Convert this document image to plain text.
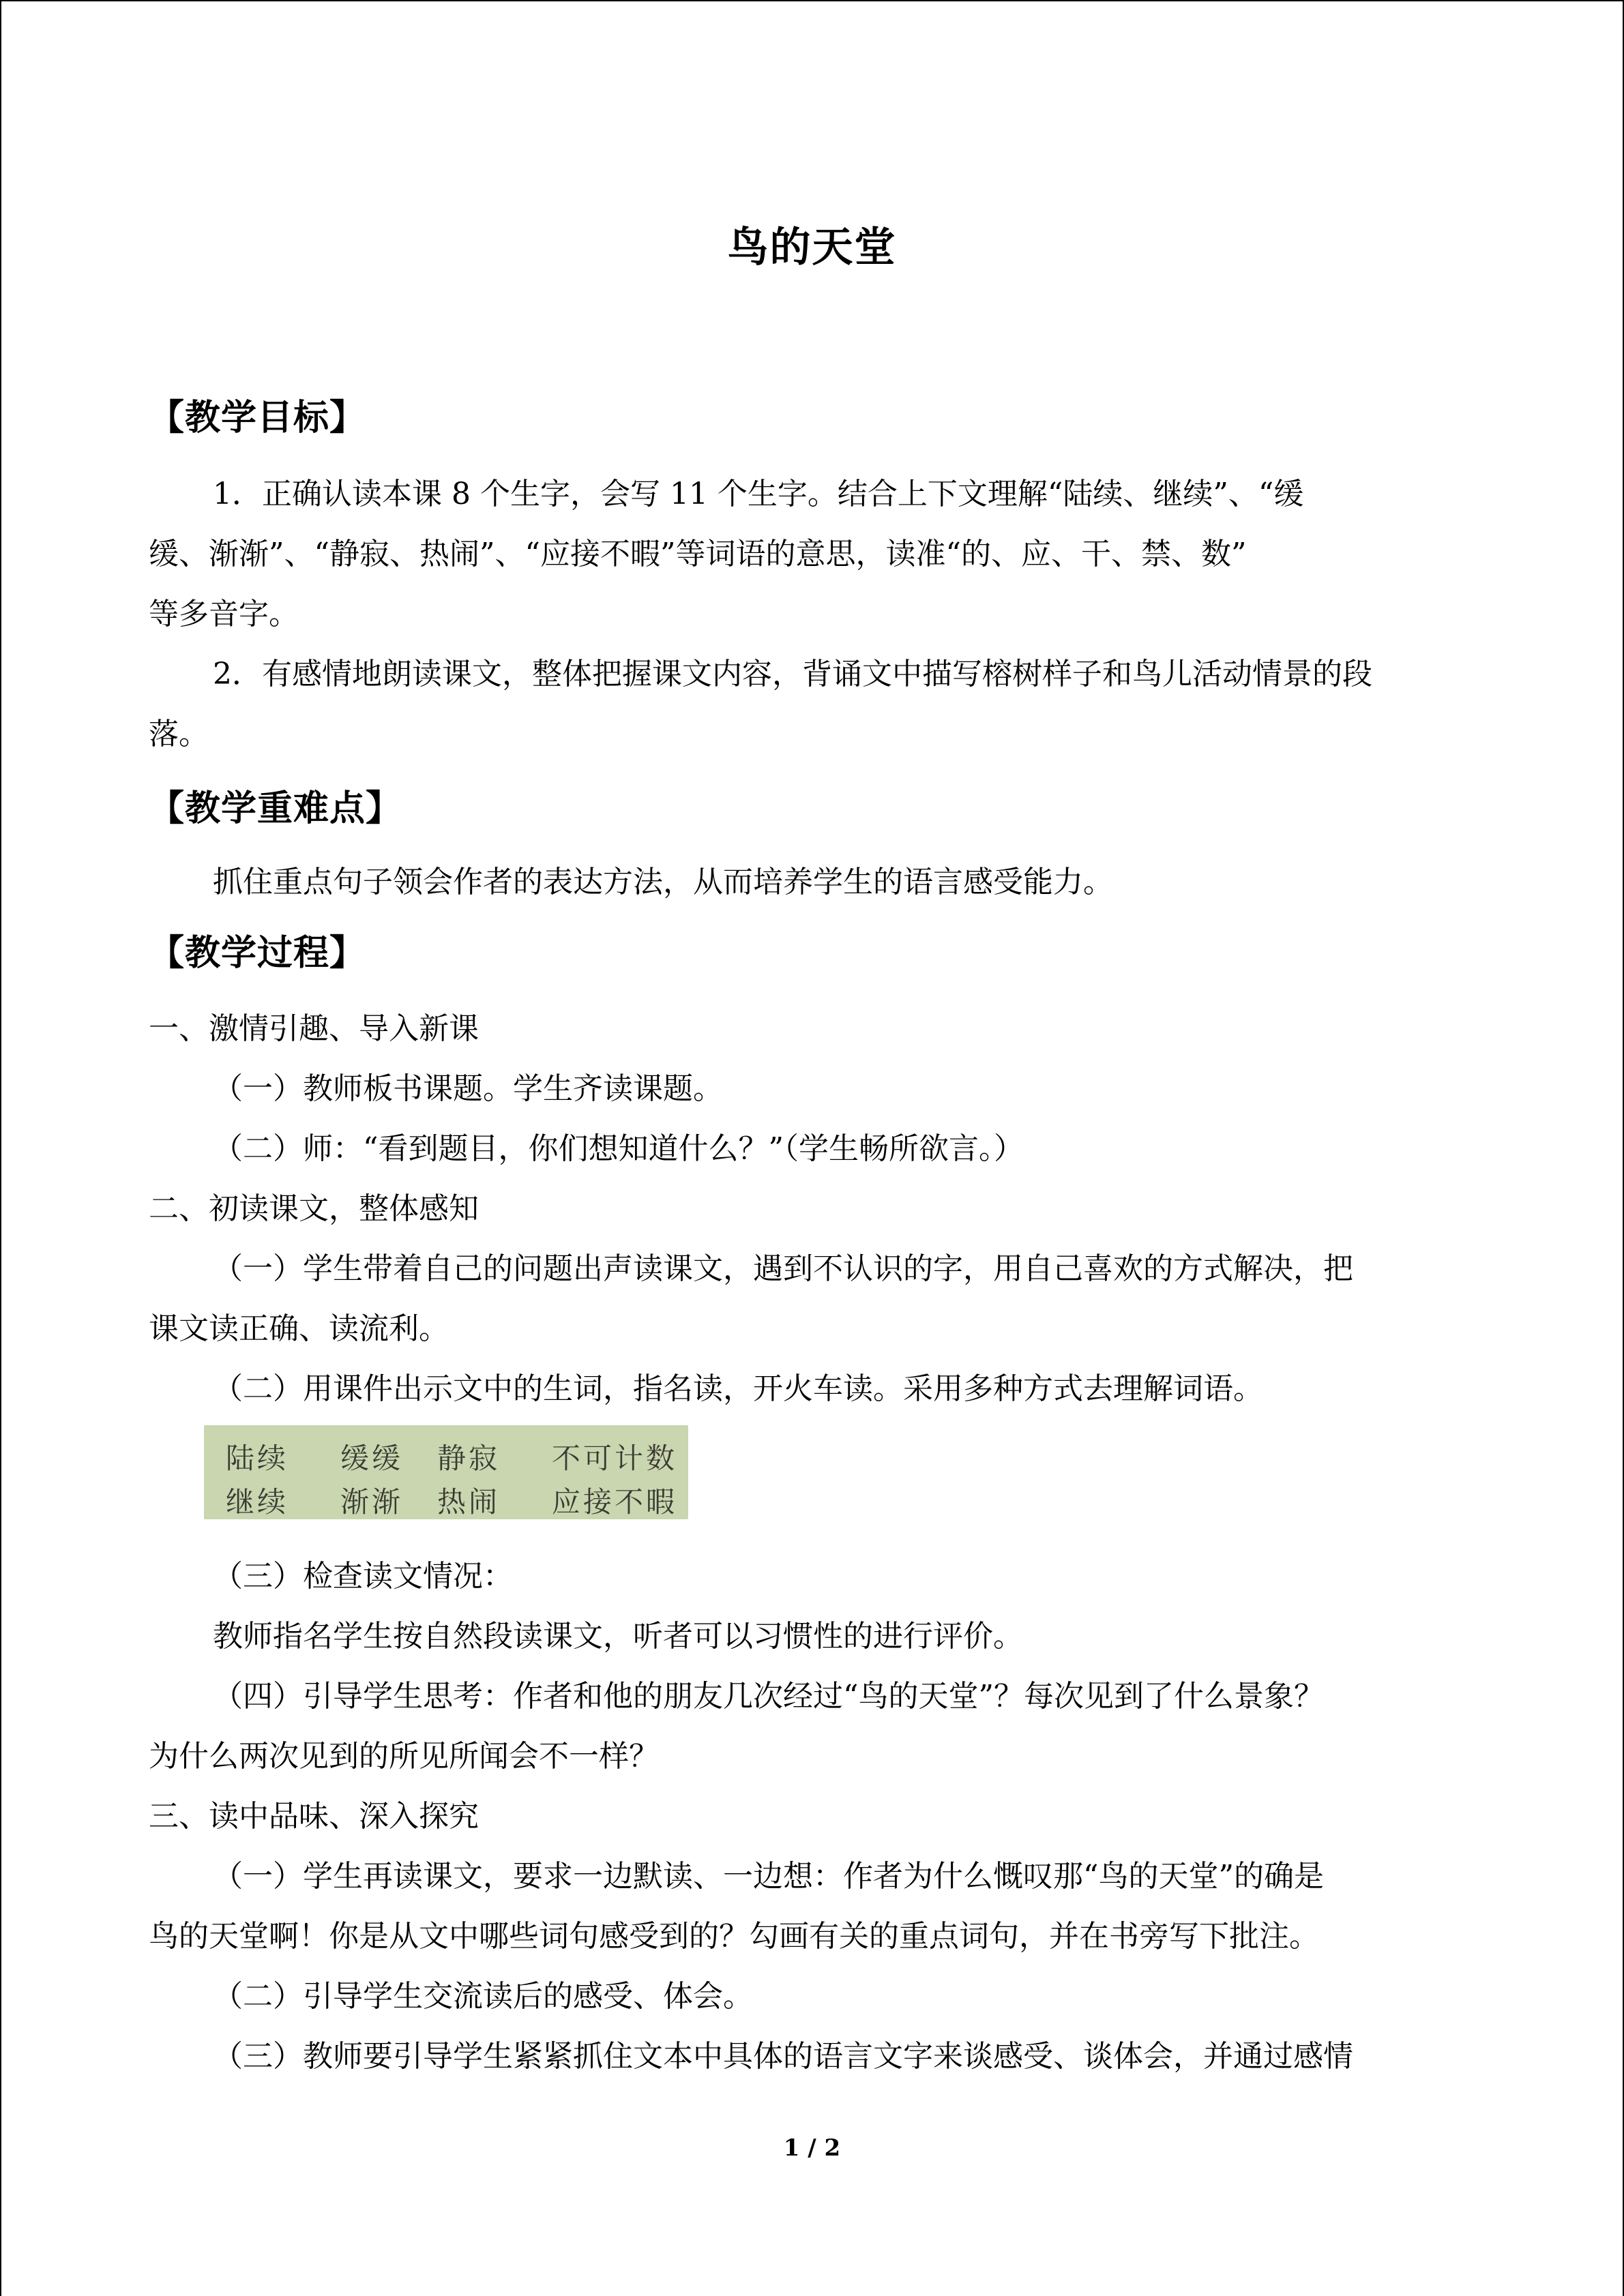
鸟的天堂
【教学目标】
1．正确认读本课 8 个生字，会写 11 个生字。结合上下文理解“陆续、继续”、“缓
缓、渐渐”、“静寂、热闹”、“应接不暇”等词语的意思，读准“的、应、干、禁、数”
等多音字。
2．有感情地朗读课文，整体把握课文内容，背诵文中描写榕树样子和鸟儿活动情景的段
落。
【教学重难点】
抓住重点句子领会作者的表达方法，从而培养学生的语言感受能力。
【教学过程】
一、激情引趣、导入新课
（一）教师板书课题。学生齐读课题。
（二）师：“看到题目，你们想知道什么？”（学生畅所欲言。）
二、初读课文，整体感知
（一）学生带着自己的问题出声读课文，遇到不认识的字，用自己喜欢的方式解决，把
课文读正确、读流利。
（二）用课件出示文中的生词，指名读，开火车读。采用多种方式去理解词语。
陆续 缓缓 静寂 不可计数
继续 渐渐 热闹 应接不暇
（三）检查读文情况：
教师指名学生按自然段读课文，听者可以习惯性的进行评价。
（四）引导学生思考：作者和他的朋友几次经过“鸟的天堂”？每次见到了什么景象？
为什么两次见到的所见所闻会不一样？
三、读中品味、深入探究
（一）学生再读课文，要求一边默读、一边想：作者为什么慨叹那“鸟的天堂”的确是
鸟的天堂啊！你是从文中哪些词句感受到的？勾画有关的重点词句，并在书旁写下批注。
（二）引导学生交流读后的感受、体会。
（三）教师要引导学生紧紧抓住文本中具体的语言文字来谈感受、谈体会，并通过感情
1 / 2
